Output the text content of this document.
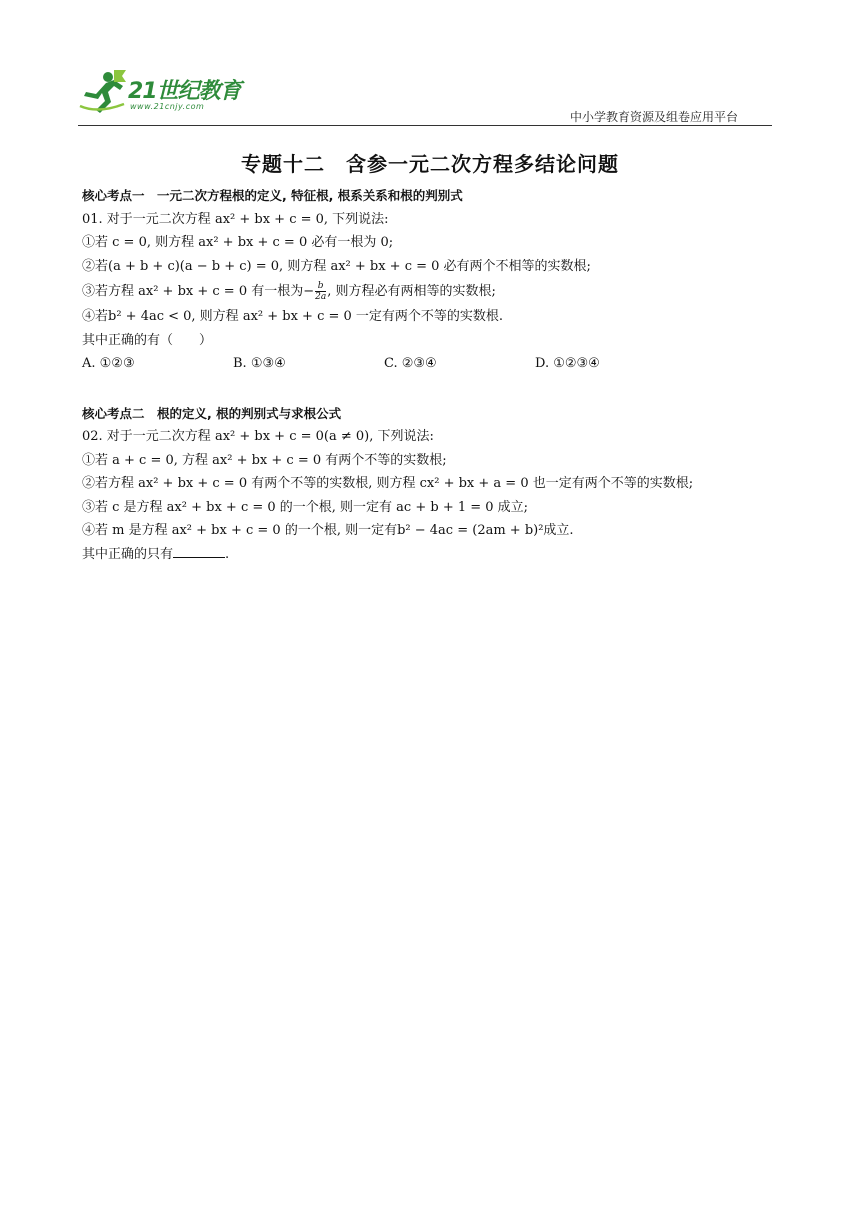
21世纪教育
www.21cnjy.com
中小学教育资源及组卷应用平台
专题十二　含参一元二次方程多结论问题
核心考点一　一元二次方程根的定义, 特征根, 根系关系和根的判别式
01. 对于一元二次方程 ax² + bx + c = 0, 下列说法:
①若 c = 0, 则方程 ax² + bx + c = 0 必有一根为 0;
②若(a + b + c)(a − b + c) = 0, 则方程 ax² + bx + c = 0 必有两个不相等的实数根;
③若方程 ax² + bx + c = 0 有一根为− $\frac{b}{2a}$ , 则方程必有两相等的实数根;
④若b² + 4ac < 0, 则方程 ax² + bx + c = 0 一定有两个不等的实数根.
其中正确的有（　　）
A. ①②③	B. ①③④	C. ②③④	D. ①②③④
核心考点二　根的定义, 根的判别式与求根公式
02. 对于一元二次方程 ax² + bx + c = 0(a ≠ 0), 下列说法:
①若 a + c = 0, 方程 ax² + bx + c = 0 有两个不等的实数根;
②若方程 ax² + bx + c = 0 有两个不等的实数根, 则方程 cx² + bx + a = 0 也一定有两个不等的实数根;
③若 c 是方程 ax² + bx + c = 0 的一个根, 则一定有 ac + b + 1 = 0 成立;
④若 m 是方程 ax² + bx + c = 0 的一个根, 则一定有b² − 4ac = (2am + b)²成立.
其中正确的只有	.
